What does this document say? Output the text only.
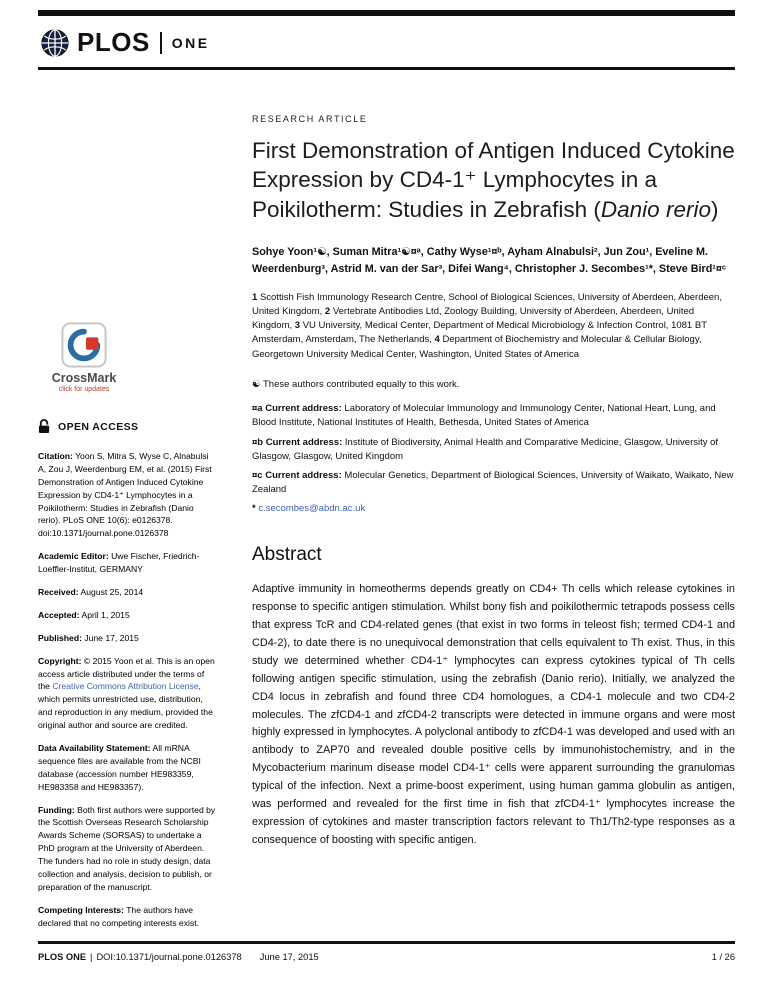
PLOS ONE
CrossMark
click for updates
OPEN ACCESS

Citation: Yoon S, Mitra S, Wyse C, Alnabulsi A, Zou J, Weerdenburg EM, et al. (2015) First Demonstration of Antigen Induced Cytokine Expression by CD4-1⁺ Lymphocytes in a Poikilotherm: Studies in Zebrafish (Danio rerio). PLoS ONE 10(6): e0126378. doi:10.1371/journal.pone.0126378

Academic Editor: Uwe Fischer, Friedrich-Loeffler-Institut, GERMANY

Received: August 25, 2014

Accepted: April 1, 2015

Published: June 17, 2015

Copyright: © 2015 Yoon et al. This is an open access article distributed under the terms of the Creative Commons Attribution License, which permits unrestricted use, distribution, and reproduction in any medium, provided the original author and source are credited.

Data Availability Statement: All mRNA sequence files are available from the NCBI database (accession number HE983359, HE983358 and HE983357).

Funding: Both first authors were supported by the Scottish Overseas Research Scholarship Awards Scheme (SORSAS) to undertake a PhD program at the University of Aberdeen. The funders had no role in study design, data collection and analysis, decision to publish, or preparation of the manuscript.

Competing Interests: The authors have declared that no competing interests exist.

RESEARCH ARTICLE
First Demonstration of Antigen Induced Cytokine Expression by CD4-1⁺ Lymphocytes in a Poikilotherm: Studies in Zebrafish (Danio rerio)

Sohye Yoon¹☯, Suman Mitra¹☯¤ᵃ, Cathy Wyse¹¤ᵇ, Ayham Alnabulsi², Jun Zou¹, Eveline M. Weerdenburg³, Astrid M. van der Sar³, Difei Wang⁴, Christopher J. Secombes¹*, Steve Bird¹¤ᶜ

1 Scottish Fish Immunology Research Centre, School of Biological Sciences, University of Aberdeen, Aberdeen, United Kingdom, 2 Vertebrate Antibodies Ltd, Zoology Building, University of Aberdeen, Aberdeen, United Kingdom, 3 VU University, Medical Center, Department of Medical Microbiology & Infection Control, 1081 BT Amsterdam, Amsterdam, The Netherlands, 4 Department of Biochemistry and Molecular & Cellular Biology, Georgetown University Medical Center, Washington, United States of America

☯ These authors contributed equally to this work.

¤a Current address: Laboratory of Molecular Immunology and Immunology Center, National Heart, Lung, and Blood Institute, National Institutes of Health, Bethesda, United States of America

¤b Current address: Institute of Biodiversity, Animal Health and Comparative Medicine, Glasgow, University of Glasgow, Glasgow, United Kingdom

¤c Current address: Molecular Genetics, Department of Biological Sciences, University of Waikato, Waikato, New Zealand

* c.secombes@abdn.ac.uk

Abstract

Adaptive immunity in homeotherms depends greatly on CD4+ Th cells which release cytokines in response to specific antigen stimulation. Whilst bony fish and poikilothermic tetrapods possess cells that express TcR and CD4-related genes (that exist in two forms in teleost fish; termed CD4-1 and CD4-2), to date there is no unequivocal demonstration that cells equivalent to Th exist. Thus, in this study we determined whether CD4-1⁺ lymphocytes can express cytokines typical of Th cells following antigen specific stimulation, using the zebrafish (Danio rerio). Initially, we analyzed the CD4 locus in zebrafish and found three CD4 homologues, a CD4-1 molecule and two CD4-2 molecules. The zfCD4-1 and zfCD4-2 transcripts were detected in immune organs and were most highly expressed in lymphocytes. A polyclonal antibody to zfCD4-1 was developed and used with an antibody to ZAP70 and revealed double positive cells by immunohistochemistry, and in the Mycobacterium marinum disease model CD4-1⁺ cells were apparent surrounding the granulomas typical of the infection. Next a prime-boost experiment, using human gamma globulin as antigen, was performed and revealed for the first time in fish that zfCD4-1⁺ lymphocytes increase the expression of cytokines and master transcription factors relevant to Th1/Th2-type responses as a consequence of boosting with specific antigen.

PLOS ONE | DOI:10.1371/journal.pone.0126378 June 17, 2015	1 / 26
